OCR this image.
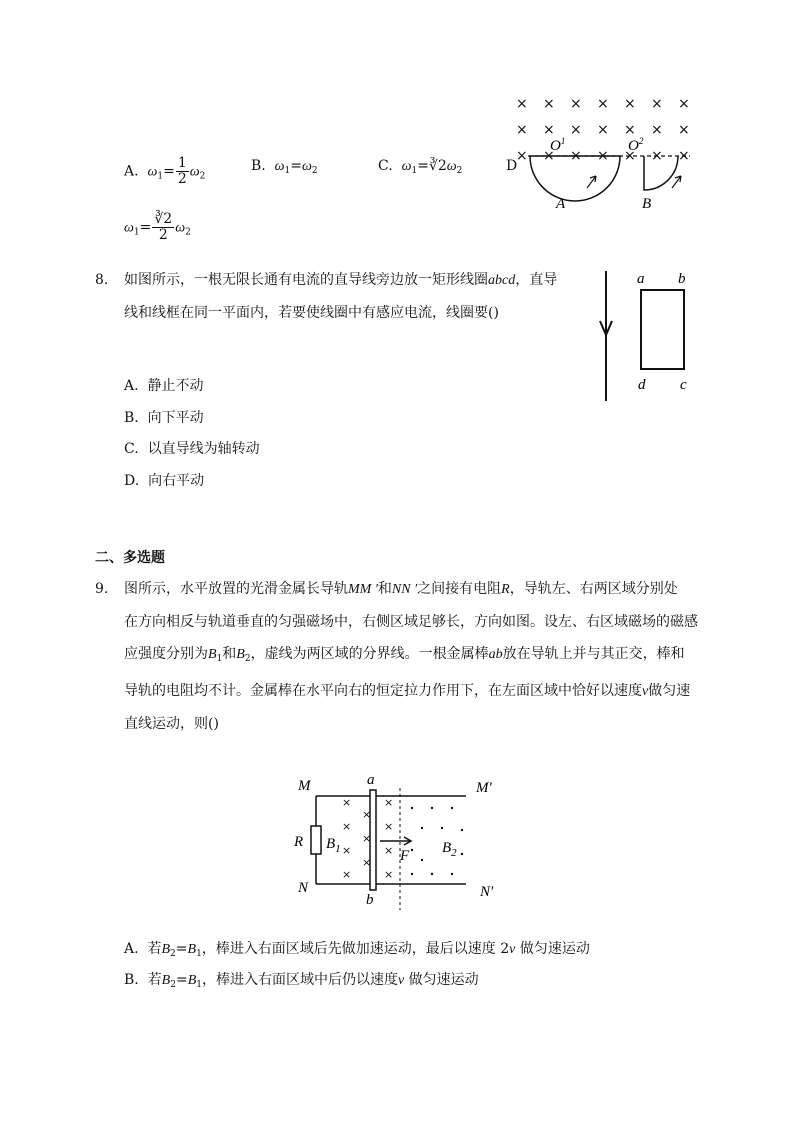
A. $\omega_1= \frac{1}{2} \omega_2$
B. $\omega_1=\omega_2$	C. $\omega_1=∛2\omega_2$	D
$\omega_1= \frac{∛2}{2} \omega_2$
× × × × × × ×
× × × × × × ×
× × × × × × ×
$O^1$	$O^2$
A	B
8. 如图所示，一根无限长通有电流的直导线旁边放一矩形线圈abcd，直导
线和线框在同一平面内，若要使线圈中有感应电流，线圈要()
A. 静止不动
B. 向下平动
C. 以直导线为轴转动
D. 向右平动
a b
d c
二、多选题
9. 图所示，水平放置的光滑金属长导轨MM ′和NN ′之间接有电阻R，导轨左、右两区域分别处
在方向相反与轨道垂直的匀强磁场中，右侧区域足够长，方向如图。设左、右区域磁场的磁感
应强度分别为$B_1$和$B_2$，虚线为两区域的分界线。一根金属棒ab放在导轨上并与其正交，棒和
导轨的电阻均不计。金属棒在水平向右的恒定拉力作用下，在左面区域中恰好以速度v做匀速
直线运动，则()
×
×
×
×
×
×
×
×
×
×
×
M	M′
N	N′
R $B_1$	$B_2$
a
b
F
A. 若$B_2=B_1$，棒进入右面区域后先做加速运动，最后以速度 2v 做匀速运动
B. 若$B_2=B_1$，棒进入右面区域中后仍以速度v 做匀速运动
